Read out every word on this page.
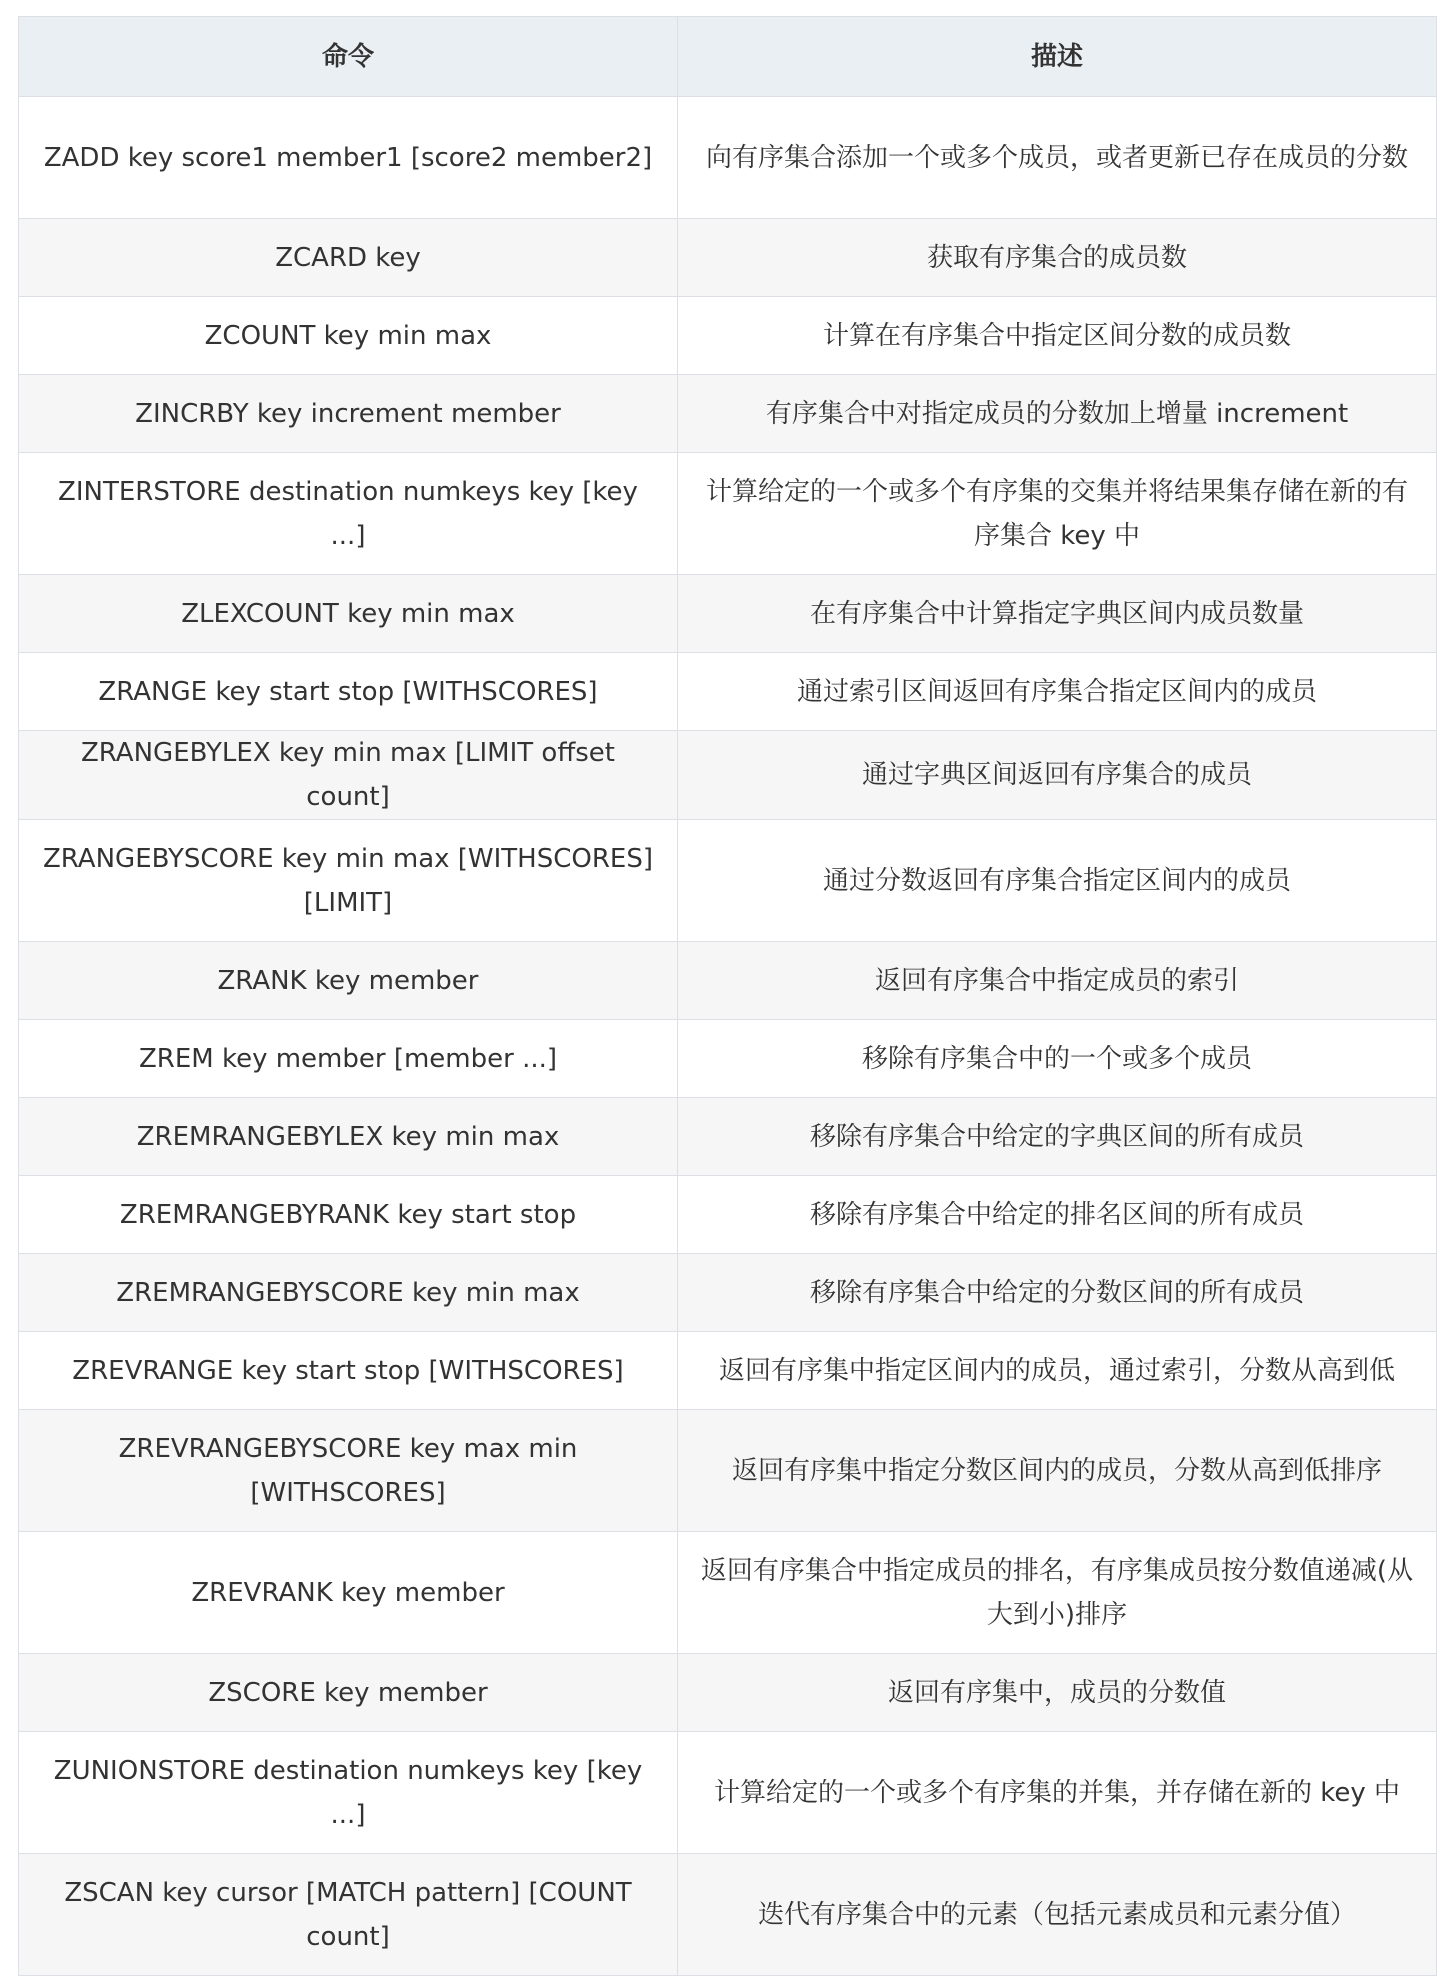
命令	描述
ZADD key score1 member1 [score2 member2]	向有序集合添加一个或多个成员，或者更新已存在成员的分数
ZCARD key	获取有序集合的成员数
ZCOUNT key min max	计算在有序集合中指定区间分数的成员数
ZINCRBY key increment member	有序集合中对指定成员的分数加上增量 increment
ZINTERSTORE destination numkeys key [key ...]	计算给定的一个或多个有序集的交集并将结果集存储在新的有序集合 key 中
ZLEXCOUNT key min max	在有序集合中计算指定字典区间内成员数量
ZRANGE key start stop [WITHSCORES]	通过索引区间返回有序集合指定区间内的成员
ZRANGEBYLEX key min max [LIMIT offset count]	通过字典区间返回有序集合的成员
ZRANGEBYSCORE key min max [WITHSCORES] [LIMIT]	通过分数返回有序集合指定区间内的成员
ZRANK key member	返回有序集合中指定成员的索引
ZREM key member [member ...]	移除有序集合中的一个或多个成员
ZREMRANGEBYLEX key min max	移除有序集合中给定的字典区间的所有成员
ZREMRANGEBYRANK key start stop	移除有序集合中给定的排名区间的所有成员
ZREMRANGEBYSCORE key min max	移除有序集合中给定的分数区间的所有成员
ZREVRANGE key start stop [WITHSCORES]	返回有序集中指定区间内的成员，通过索引，分数从高到低
ZREVRANGEBYSCORE key max min [WITHSCORES]	返回有序集中指定分数区间内的成员，分数从高到低排序
ZREVRANK key member	返回有序集合中指定成员的排名，有序集成员按分数值递减(从大到小)排序
ZSCORE key member	返回有序集中，成员的分数值
ZUNIONSTORE destination numkeys key [key ...]	计算给定的一个或多个有序集的并集，并存储在新的 key 中
ZSCAN key cursor [MATCH pattern] [COUNT count]	迭代有序集合中的元素（包括元素成员和元素分值）
